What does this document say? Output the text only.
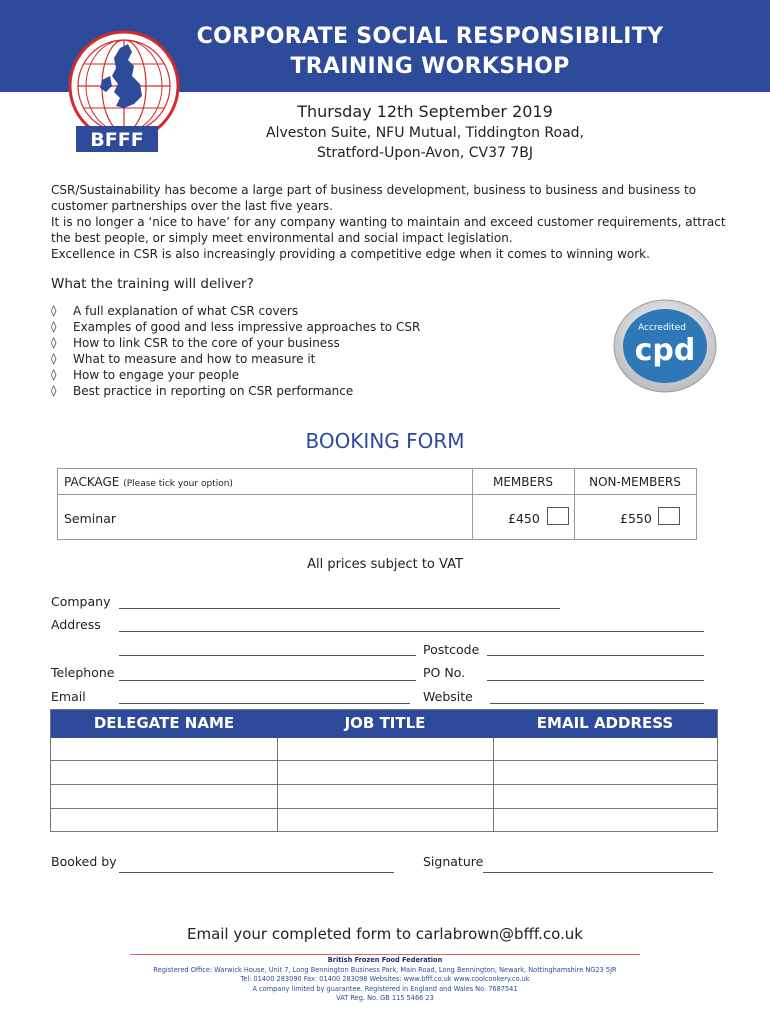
CORPORATE SOCIAL RESPONSIBILITY
TRAINING WORKSHOP
BFFF
Thursday 12th September 2019
Alveston Suite, NFU Mutual, Tiddington Road,
Stratford-Upon-Avon, CV37 7BJ

CSR/Sustainability has become a large part of business development, business to business and business to customer partnerships over the last five years.

It is no longer a ‘nice to have’ for any company wanting to maintain and exceed customer requirements, attract the best people, or simply meet environmental and social impact legislation.

Excellence in CSR is also increasingly providing a competitive edge when it comes to winning work.

What the training will deliver?
◊	A full explanation of what CSR covers
◊	Examples of good and less impressive approaches to CSR
◊	How to link CSR to the core of your business
◊	What to measure and how to measure it
◊	How to engage your people
◊	Best practice in reporting on CSR performance
Accredited
cpd
BOOKING FORM
PACKAGE (Please tick your option)	MEMBERS	NON-MEMBERS
Seminar	£450	£550
All prices subject to VAT
Company
Address
Postcode
Telephone	PO No.
Email	Website
DELEGATE NAME	JOB TITLE	EMAIL ADDRESS
Booked by	Signature
Email your completed form to carlabrown@bfff.co.uk
British Frozen Food Federation
Registered Office: Warwick House, Unit 7, Long Bennington Business Park, Main Road, Long Bennington, Newark, Nottinghamshire NG23 5JR
Tel: 01400 283090 Fax: 01400 283098 Websites: www.bfff.co.uk www.coolcookery.co.uk
A company limited by guarantee. Registered in England and Wales No. 7687541
VAT Reg. No. GB 115 5466 23
